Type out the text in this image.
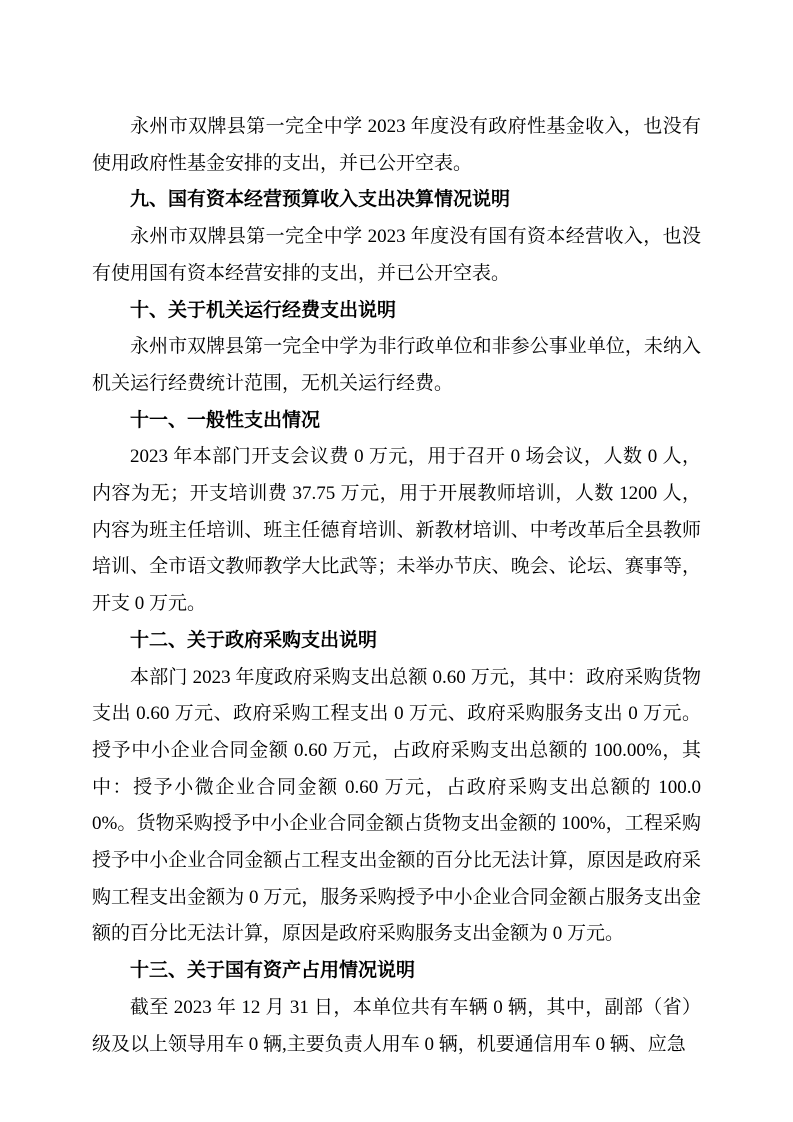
永州市双牌县第一完全中学 2023 年度没有政府性基金收入，也没有使用政府性基金安排的支出，并已公开空表。

九、国有资本经营预算收入支出决算情况说明

永州市双牌县第一完全中学 2023 年度没有国有资本经营收入，也没有使用国有资本经营安排的支出，并已公开空表。

十、关于机关运行经费支出说明

永州市双牌县第一完全中学为非行政单位和非参公事业单位，未纳入机关运行经费统计范围，无机关运行经费。

十一、一般性支出情况

2023 年本部门开支会议费 0 万元，用于召开 0 场会议，人数 0 人，内容为无；开支培训费 37.75 万元，用于开展教师培训，人数 1200 人，内容为班主任培训、班主任德育培训、新教材培训、中考改革后全县教师培训、全市语文教师教学大比武等；未举办节庆、晚会、论坛、赛事等，开支 0 万元。

十二、关于政府采购支出说明

本部门 2023 年度政府采购支出总额 0.60 万元，其中：政府采购货物支出 0.60 万元、政府采购工程支出 0 万元、政府采购服务支出 0 万元。授予中小企业合同金额 0.60 万元，占政府采购支出总额的 100.00%，其中：授予小微企业合同金额 0.60 万元，占政府采购支出总额的 100.00%。货物采购授予中小企业合同金额占货物支出金额的 100%，工程采购授予中小企业合同金额占工程支出金额的百分比无法计算，原因是政府采购工程支出金额为 0 万元，服务采购授予中小企业合同金额占服务支出金额的百分比无法计算，原因是政府采购服务支出金额为 0 万元。

十三、关于国有资产占用情况说明

截至 2023 年 12 月 31 日，本单位共有车辆 0 辆，其中，副部（省）级及以上领导用车 0 辆,主要负责人用车 0 辆，机要通信用车 0 辆、应急
